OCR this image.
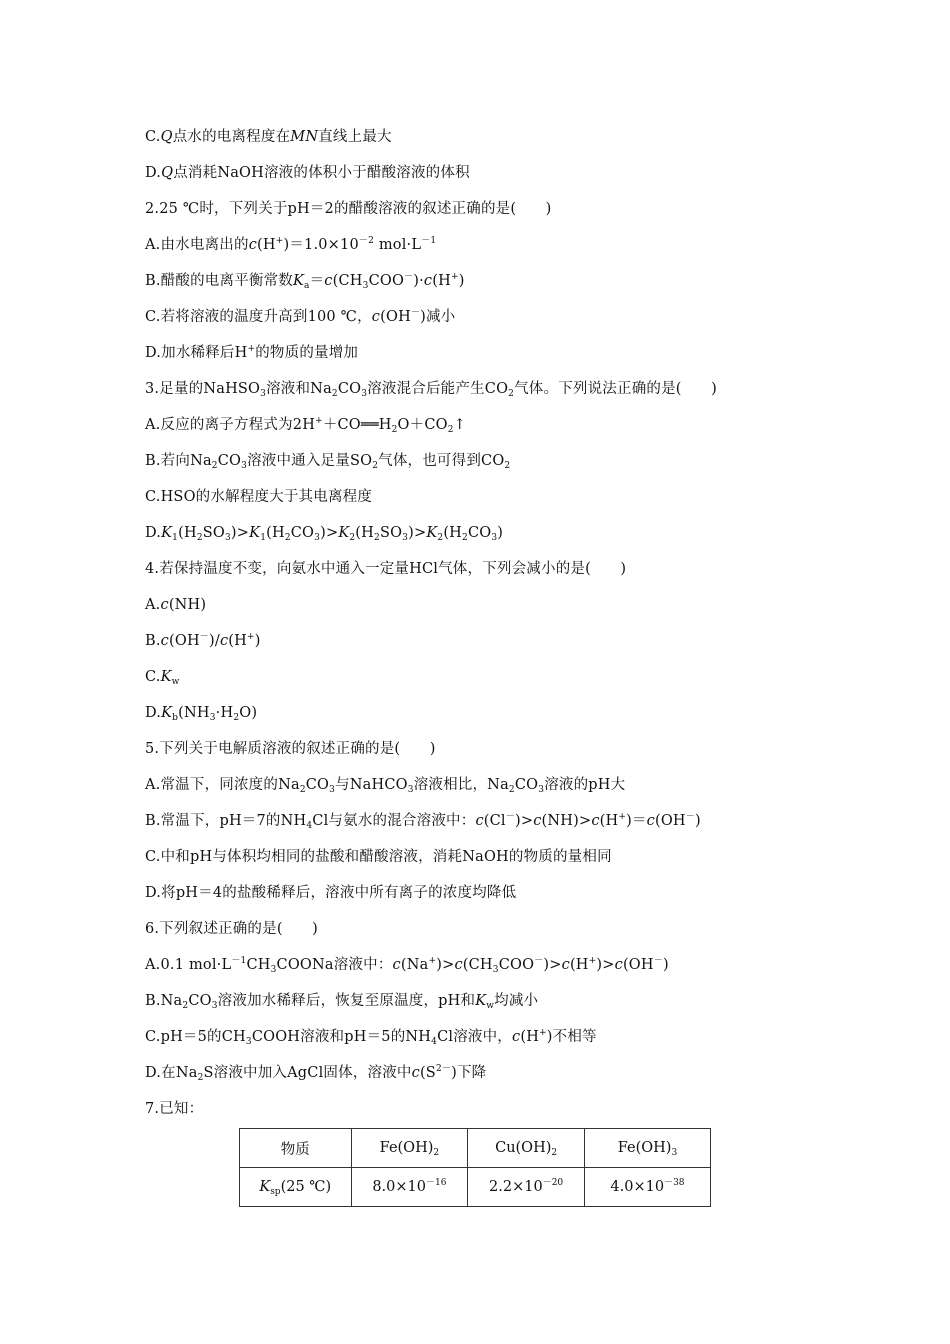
C.Q点水的电离程度在MN直线上最大
D.Q点消耗NaOH溶液的体积小于醋酸溶液的体积
2.25 ℃时，下列关于pH＝2的醋酸溶液的叙述正确的是(　　)
A.由水电离出的$c(H^+)=1.0\times 10^{-2}$ $mol\cdot L^{-1}$
B.醋酸的电离平衡常数$K_a=c(CH_3COO^-)\cdot c(H^+)$
C.若将溶液的温度升高到100 ℃，c(OH－)减小
D.加水稀释后H+的物质的量增加
3.足量的NaHSO$_3$溶液和$Na_2CO_3$溶液混合后能产生$CO_2$气体。下列说法正确的是(　　)
A.反应的离子方程式为$2H^++CO══H_2O+CO_2↑$
B.若向$Na_2CO_3$溶液中通入足量$SO_2$气体，也可得到$CO_2$
C.HSO的水解程度大于其电离程度
$D.K_1(H_2SO_3)>K_1(H_2CO_3)>K_2(H_2SO_3)>K_2(H_2CO_3)$
4.若保持温度不变，向氨水中通入一定量HCl气体，下列会减小的是(　　)
A.c(NH)
B.c(OH－)/c(H+)
$C.K_w$
$D.K_b(NH_3\cdot H_2O)$
5.下列关于电解质溶液的叙述正确的是(　　)
A.常温下，同浓度的$Na_2CO_3$与NaHCO$_3$溶液相比，$Na_2CO_3$溶液的pH大
B.常温下，pH＝7的$NH_4Cl$与氨水的混合溶液中：c(Cl－)>c(NH)>c(H+)＝c(OH－)
C.中和pH与体积均相同的盐酸和醋酸溶液，消耗NaOH的物质的量相同
D.将pH＝4的盐酸稀释后，溶液中所有离子的浓度均降低
6.下列叙述正确的是(　　)
A.0.1 $mol\cdot L^{-1}CH_3COONa$溶液中：$c(Na^+)>c(CH_3COO^-)>c(H^+)>c(OH^-)$
$B.Na_2CO_3$溶液加水稀释后，恢复至原温度，pH和$K_w$均减小
C.pH＝5的$CH_3COOH$溶液和pH＝5的$NH_4Cl$溶液中，c(H+)不相等
D.在$Na_2S$溶液中加入AgCl固体，溶液中$c(S^{2-})$下降
7.已知：
物质	$Fe(OH)_2$	$Cu(OH)_2$	$Fe(OH)_3$
$K_{sp}(25$ ℃)	$8.0\times 10^{-16}$	$2.2\times 10^{-20}$	$4.0\times 10^{-38}$
